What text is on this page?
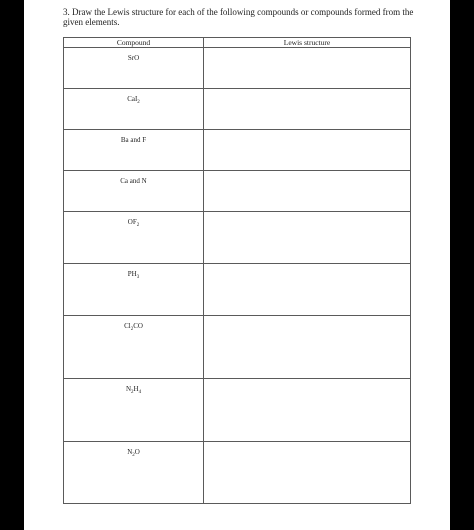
3. Draw the Lewis structure for each of the following compounds or compounds formed from the given elements.
Compound	Lewis structure
SrO	
CaI$_2$	
Ba and F	
Ca and N	
$OF_2$	
$PH_3$	
$Cl_2CO$	
$N_2H_4$	
$N_2O$	
